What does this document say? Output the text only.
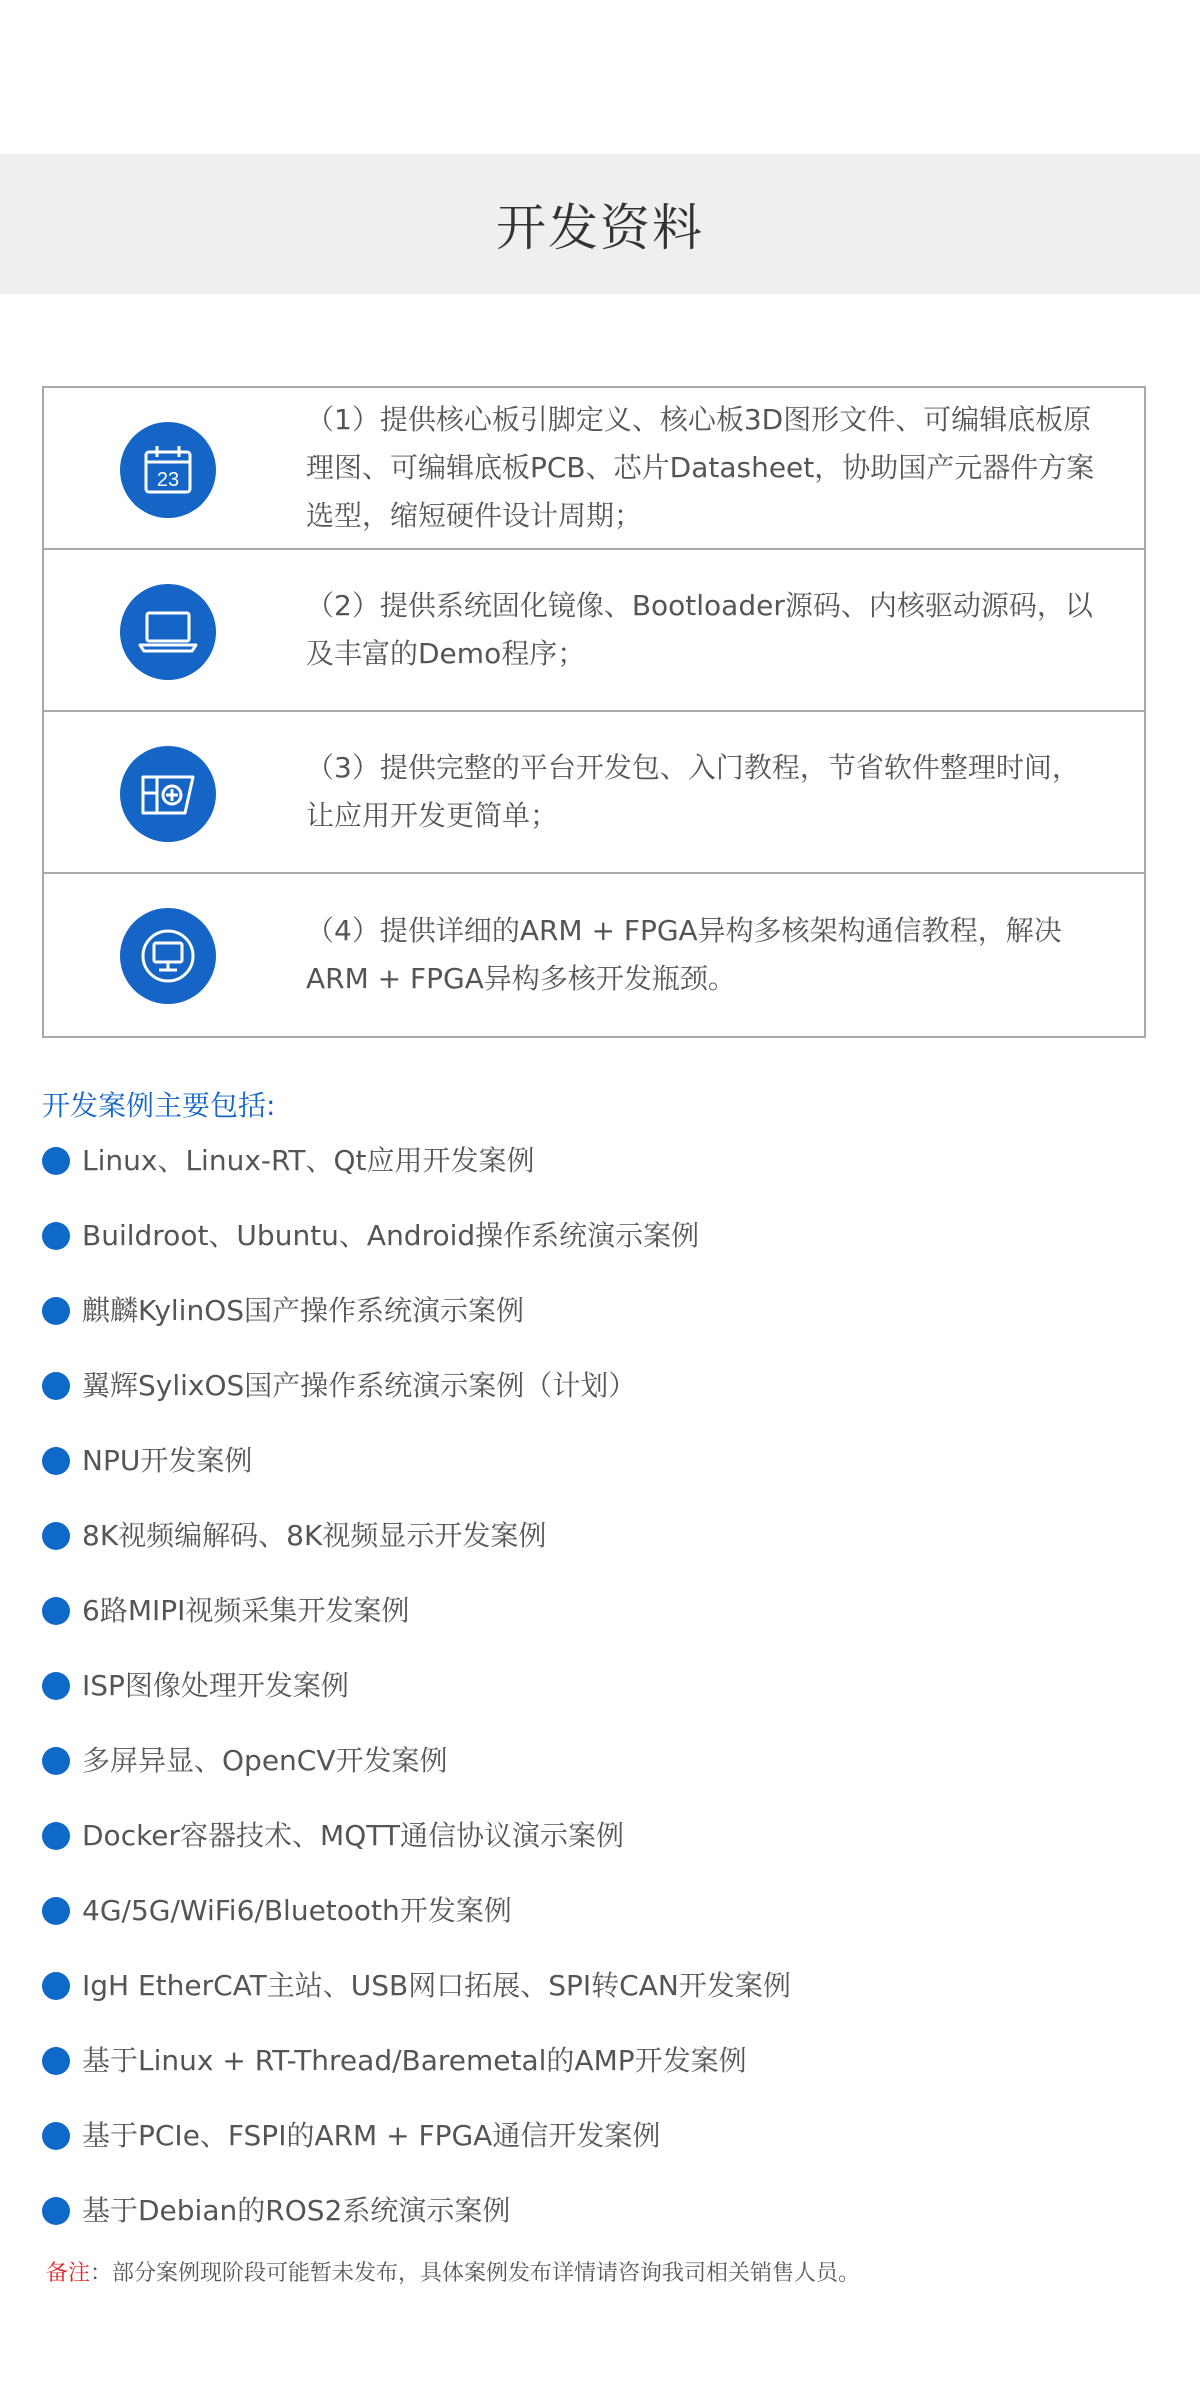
开发资料
23
（1）提供核心板引脚定义、核心板3D图形文件、可编辑底板原理图、可编辑底板PCB、芯片Datasheet，协助国产元器件方案选型，缩短硬件设计周期；
（2）提供系统固化镜像、Bootloader源码、内核驱动源码，以及丰富的Demo程序；
（3）提供完整的平台开发包、入门教程，节省软件整理时间，让应用开发更简单；
（4）提供详细的ARM + FPGA异构多核架构通信教程，解决ARM + FPGA异构多核开发瓶颈。
开发案例主要包括:
Linux、Linux-RT、Qt应用开发案例
Buildroot、Ubuntu、Android操作系统演示案例
麒麟KylinOS国产操作系统演示案例
翼辉SylixOS国产操作系统演示案例（计划）
NPU开发案例
8K视频编解码、8K视频显示开发案例
6路MIPI视频采集开发案例
ISP图像处理开发案例
多屏异显、OpenCV开发案例
Docker容器技术、MQTT通信协议演示案例
4G/5G/WiFi6/Bluetooth开发案例
IgH EtherCAT主站、USB网口拓展、SPI转CAN开发案例
基于Linux + RT-Thread/Baremetal的AMP开发案例
基于PCIe、FSPI的ARM + FPGA通信开发案例
基于Debian的ROS2系统演示案例
备注：部分案例现阶段可能暂未发布，具体案例发布详情请咨询我司相关销售人员。
